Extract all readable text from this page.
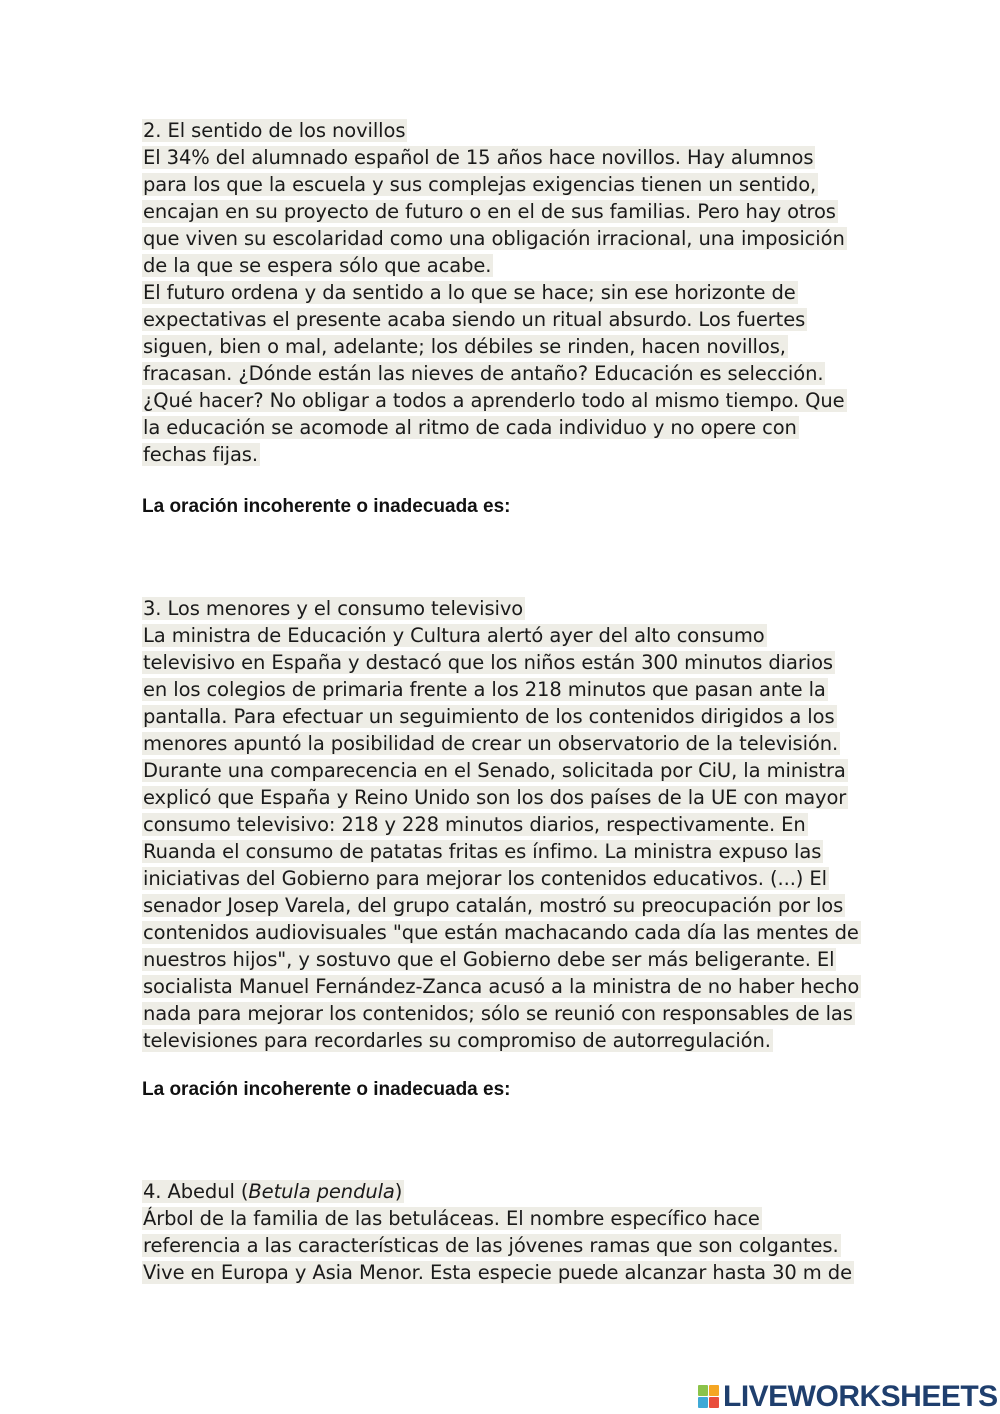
2. El sentido de los novillos
El 34% del alumnado español de 15 años hace novillos. Hay alumnos
para los que la escuela y sus complejas exigencias tienen un sentido,
encajan en su proyecto de futuro o en el de sus familias. Pero hay otros
que viven su escolaridad como una obligación irracional, una imposición
de la que se espera sólo que acabe.
El futuro ordena y da sentido a lo que se hace; sin ese horizonte de
expectativas el presente acaba siendo un ritual absurdo. Los fuertes
siguen, bien o mal, adelante; los débiles se rinden, hacen novillos,
fracasan. ¿Dónde están las nieves de antaño? Educación es selección.
¿Qué hacer? No obligar a todos a aprenderlo todo al mismo tiempo. Que
la educación se acomode al ritmo de cada individuo y no opere con
fechas fijas.
La oración incoherente o inadecuada es:
3. Los menores y el consumo televisivo
La ministra de Educación y Cultura alertó ayer del alto consumo
televisivo en España y destacó que los niños están 300 minutos diarios
en los colegios de primaria frente a los 218 minutos que pasan ante la
pantalla. Para efectuar un seguimiento de los contenidos dirigidos a los
menores apuntó la posibilidad de crear un observatorio de la televisión.
Durante una comparecencia en el Senado, solicitada por CiU, la ministra
explicó que España y Reino Unido son los dos países de la UE con mayor
consumo televisivo: 218 y 228 minutos diarios, respectivamente. En
Ruanda el consumo de patatas fritas es ínfimo. La ministra expuso las
iniciativas del Gobierno para mejorar los contenidos educativos. (...) El
senador Josep Varela, del grupo catalán, mostró su preocupación por los
contenidos audiovisuales "que están machacando cada día las mentes de
nuestros hijos", y sostuvo que el Gobierno debe ser más beligerante. El
socialista Manuel Fernández-Zanca acusó a la ministra de no haber hecho
nada para mejorar los contenidos; sólo se reunió con responsables de las
televisiones para recordarles su compromiso de autorregulación.
La oración incoherente o inadecuada es:
4. Abedul (Betula pendula)
Árbol de la familia de las betuláceas. El nombre específico hace
referencia a las características de las jóvenes ramas que son colgantes.
Vive en Europa y Asia Menor. Esta especie puede alcanzar hasta 30 m de
LIVEWORKSHEETS
